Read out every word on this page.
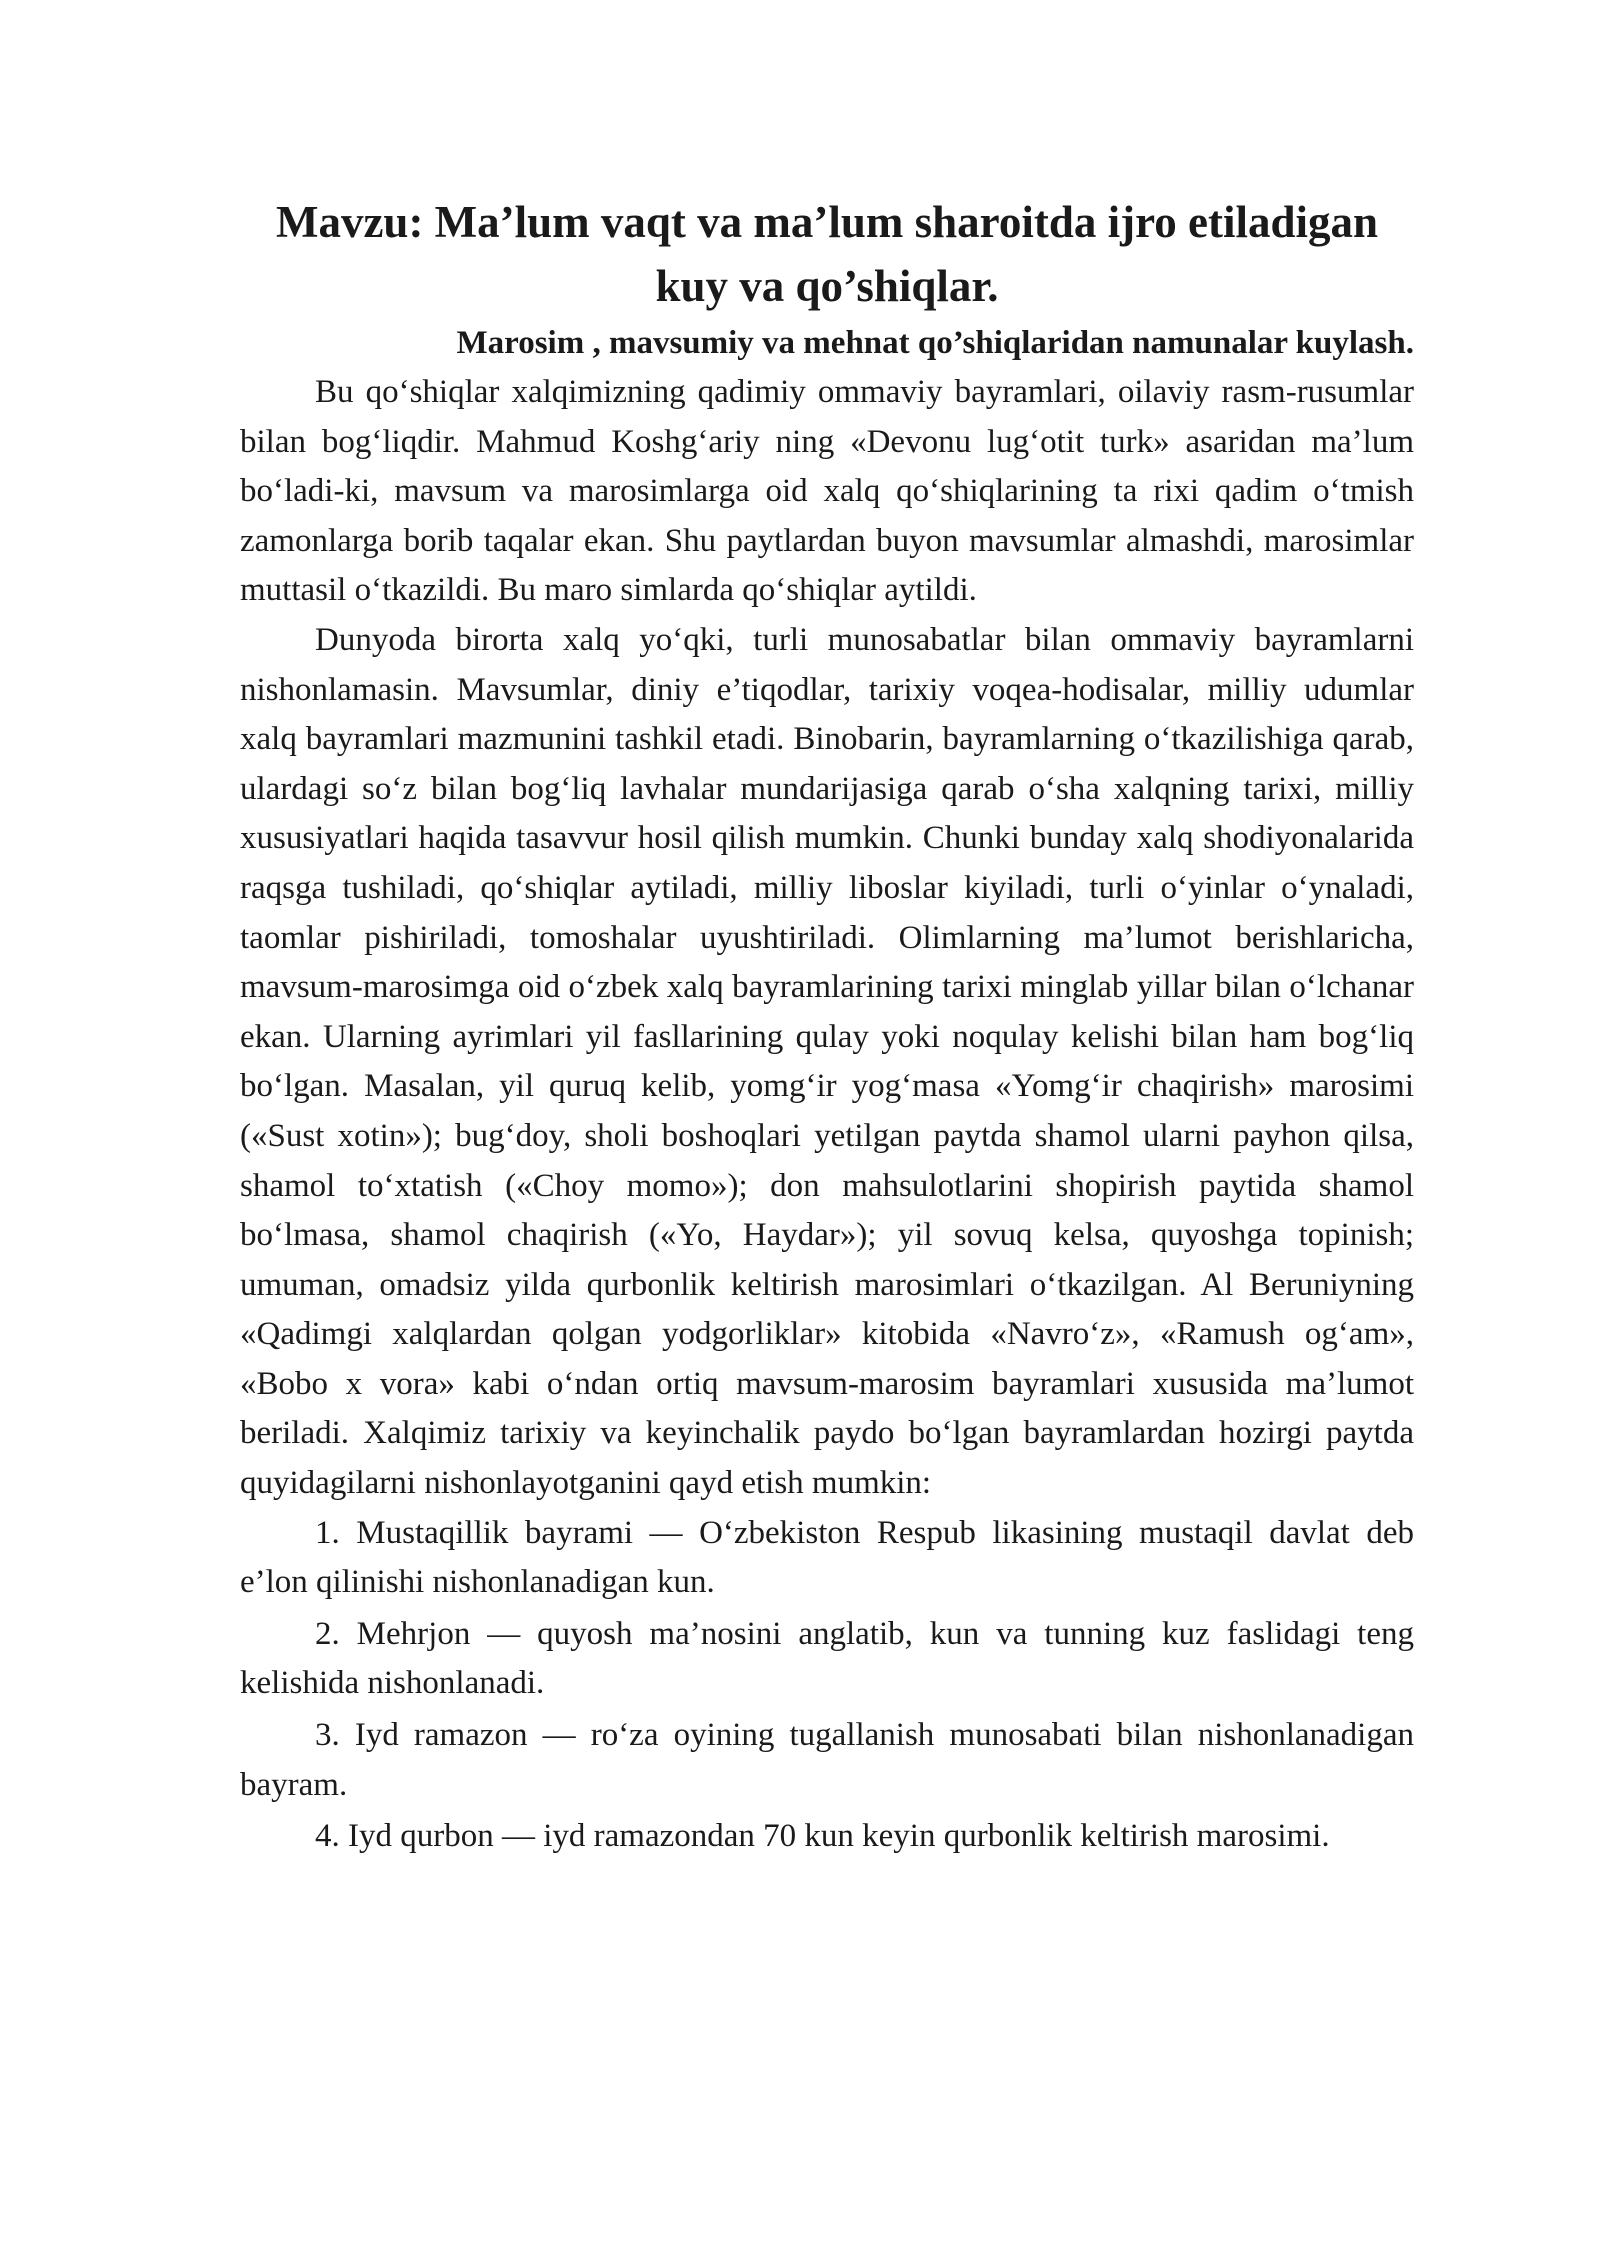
Mavzu: Ma’lum vaqt va ma’lum sharoitda ijro etiladigan
kuy va qo’shiqlar.

Marosim , mavsumiy va mehnat qo’shiqlaridan namunalar kuylash.

Bu qo‘shiqlar xalqimizning qadimiy ommaviy bayramlari, oilaviy rasm-rusumlar bilan bog‘liqdir. Mahmud Koshg‘ariy ning «Devonu lug‘otit turk» asaridan ma’lum bo‘ladi-ki, mavsum va marosimlarga oid xalq qo‘shiqlarining ta rixi qadim o‘tmish zamonlarga borib taqalar ekan. Shu paytlardan buyon mavsumlar almashdi, marosimlar muttasil o‘tkazildi. Bu maro simlarda qo‘shiqlar aytildi.

Dunyoda birorta xalq yo‘qki, turli munosabatlar bilan ommaviy bayramlarni nishonlamasin. Mavsumlar, diniy e’tiqodlar, tarixiy voqea-hodisalar, milliy udumlar xalq bayramlari mazmunini tashkil etadi. Binobarin, bayramlarning o‘tkazilishiga qarab, ulardagi so‘z bilan bog‘liq lavhalar mundarijasiga qarab o‘sha xalqning tarixi, milliy xususiyatlari haqida tasavvur hosil qilish mumkin. Chunki bunday xalq shodiyonalarida raqsga tushiladi, qo‘shiqlar aytiladi, milliy liboslar kiyiladi, turli o‘yinlar o‘ynaladi, taomlar pishiriladi, tomoshalar uyushtiriladi. Olimlarning ma’lumot berishlaricha, mavsum-marosimga oid o‘zbek xalq bayramlarining tarixi minglab yillar bilan o‘lchanar ekan. Ularning ayrimlari yil fasllarining qulay yoki noqulay kelishi bilan ham bog‘liq bo‘lgan. Masalan, yil quruq kelib, yomg‘ir yog‘masa «Yomg‘ir chaqirish» marosimi («Sust xotin»); bug‘doy, sholi boshoqlari yetilgan paytda shamol ularni payhon qilsa, shamol to‘xtatish («Choy momo»); don mahsulotlarini shopirish paytida shamol bo‘lmasa, shamol chaqirish («Yo, Haydar»); yil sovuq kelsa, quyoshga topinish; umuman, omadsiz yilda qurbonlik keltirish marosimlari o‘tkazilgan. Al Beruniyning «Qadimgi xalqlardan qolgan yodgorliklar» kitobida «Navro‘z», «Ramush og‘am», «Bobo x vora» kabi o‘ndan ortiq mavsum-marosim bayramlari xususida ma’lumot beriladi. Xalqimiz tarixiy va keyinchalik paydo bo‘lgan bayramlardan hozirgi paytda quyidagilarni nishonlayotganini qayd etish mumkin:

1. Mustaqillik bayrami — O‘zbekiston Respub likasining mustaqil davlat deb e’lon qilinishi nishonlanadigan kun.

2. Mehrjon — quyosh ma’nosini anglatib, kun va tunning kuz faslidagi teng kelishida nishonlanadi.

3. Iyd ramazon — ro‘za oyining tugallanish munosabati bilan nishonlanadigan bayram.

4. Iyd qurbon — iyd ramazondan 70 kun keyin qurbonlik keltirish marosimi.
